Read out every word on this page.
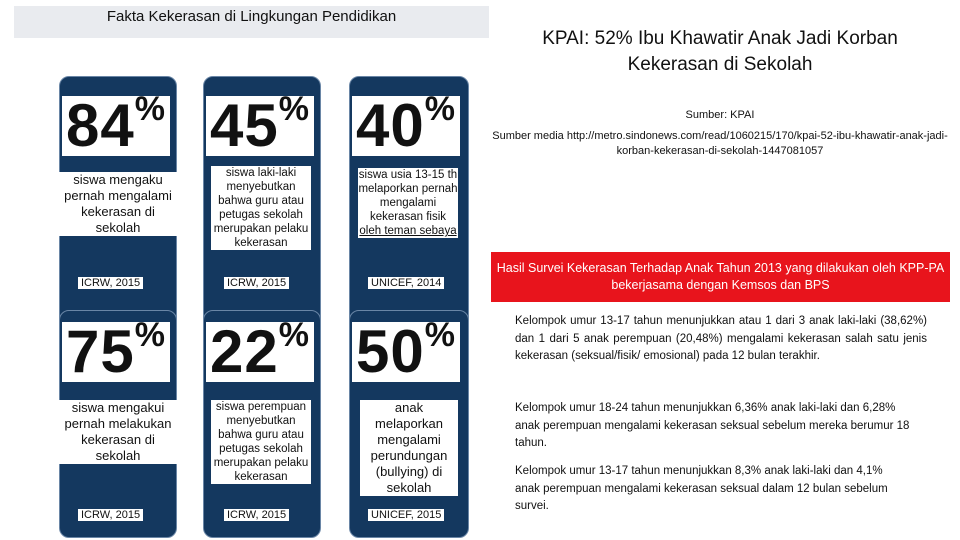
Fakta Kekerasan di Lingkungan Pendidikan
84%
siswa mengaku pernah mengalami kekerasan di sekolah
ICRW, 2015
45%
siswa laki-laki menyebutkan bahwa guru atau petugas sekolah merupakan pelaku kekerasan
ICRW, 2015
40%
siswa usia 13-15 th melaporkan pernah mengalami kekerasan fisik oleh teman sebaya
UNICEF, 2014
75%
siswa mengakui pernah melakukan kekerasan di sekolah
ICRW, 2015
22%
siswa perempuan menyebutkan bahwa guru atau petugas sekolah merupakan pelaku kekerasan
ICRW, 2015
50%
anak melaporkan mengalami perundungan (bullying) di sekolah
UNICEF, 2015
KPAI: 52% Ibu Khawatir Anak Jadi Korban Kekerasan di Sekolah
Sumber: KPAI
Sumber media http://metro.sindonews.com/read/1060215/170/kpai-52-ibu-khawatir-anak-jadi-korban-kekerasan-di-sekolah-1447081057
Hasil Survei Kekerasan Terhadap Anak Tahun 2013 yang dilakukan oleh KPP-PA bekerjasama dengan Kemsos dan BPS
Kelompok umur 13-17 tahun menunjukkan atau 1 dari 3 anak laki-laki (38,62%) dan 1 dari 5 anak perempuan (20,48%) mengalami kekerasan salah satu jenis kekerasan (seksual/fisik/ emosional) pada 12 bulan terakhir.
Kelompok umur 18-24 tahun menunjukkan 6,36% anak laki-laki dan 6,28% anak perempuan mengalami kekerasan seksual sebelum mereka berumur 18 tahun.
Kelompok umur 13-17 tahun menunjukkan 8,3% anak laki-laki dan 4,1% anak perempuan mengalami kekerasan seksual dalam 12 bulan sebelum survei.
